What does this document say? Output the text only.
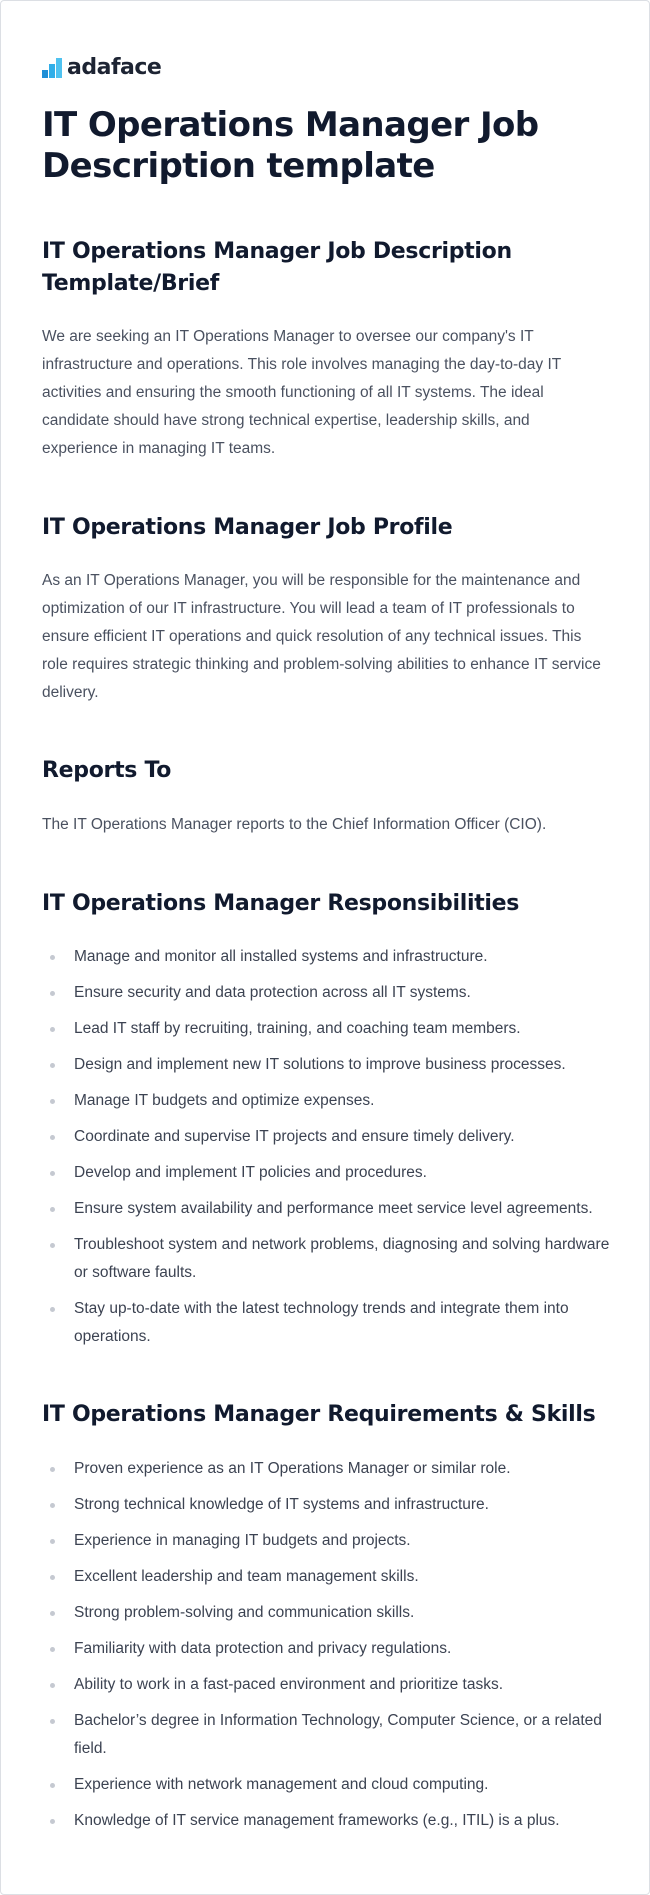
adaface
IT Operations Manager Job Description template
IT Operations Manager Job Description Template/Brief

We are seeking an IT Operations Manager to oversee our company's IT infrastructure and operations. This role involves managing the day-to-day IT activities and ensuring the smooth functioning of all IT systems. The ideal candidate should have strong technical expertise, leadership skills, and experience in managing IT teams.

IT Operations Manager Job Profile

As an IT Operations Manager, you will be responsible for the maintenance and optimization of our IT infrastructure. You will lead a team of IT professionals to ensure efficient IT operations and quick resolution of any technical issues. This role requires strategic thinking and problem-solving abilities to enhance IT service delivery.

Reports To

The IT Operations Manager reports to the Chief Information Officer (CIO).

IT Operations Manager Responsibilities
Manage and monitor all installed systems and infrastructure.
Ensure security and data protection across all IT systems.
Lead IT staff by recruiting, training, and coaching team members.
Design and implement new IT solutions to improve business processes.
Manage IT budgets and optimize expenses.
Coordinate and supervise IT projects and ensure timely delivery.
Develop and implement IT policies and procedures.
Ensure system availability and performance meet service level agreements.
Troubleshoot system and network problems, diagnosing and solving hardware or software faults.
Stay up-to-date with the latest technology trends and integrate them into operations.
IT Operations Manager Requirements & Skills
Proven experience as an IT Operations Manager or similar role.
Strong technical knowledge of IT systems and infrastructure.
Experience in managing IT budgets and projects.
Excellent leadership and team management skills.
Strong problem-solving and communication skills.
Familiarity with data protection and privacy regulations.
Ability to work in a fast-paced environment and prioritize tasks.
Bachelor’s degree in Information Technology, Computer Science, or a related field.
Experience with network management and cloud computing.
Knowledge of IT service management frameworks (e.g., ITIL) is a plus.
